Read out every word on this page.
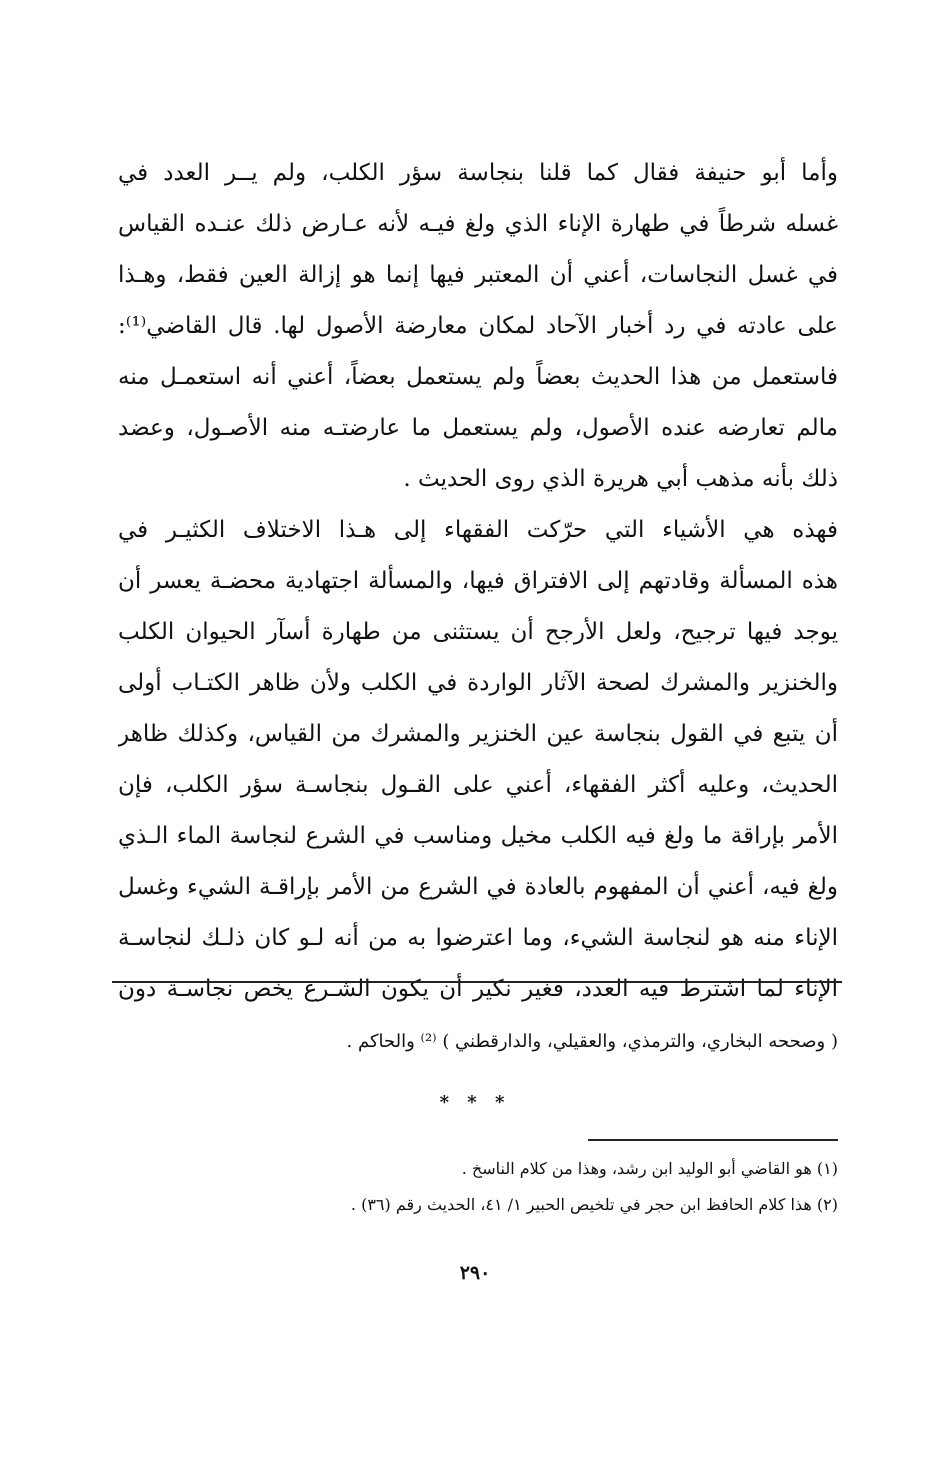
وأما أبو حنيفة فقال كما قلنا بنجاسة سؤر الكلب، ولم يــر العدد في
غسله شرطاً في طهارة الإناء الذي ولغ فيـه لأنه عـارض ذلك عنـده القياس
في غسل النجاسات، أعني أن المعتبر فيها إنما هو إزالة العين فقط، وهـذا
على عادته في رد أخبار الآحاد لمكان معارضة الأصول لها. قال القاضي⁽¹⁾:
فاستعمل من هذا الحديث بعضاً ولم يستعمل بعضاً، أعني أنه استعمـل منه
مالم تعارضه عنده الأصول، ولم يستعمل ما عارضتـه منه الأصـول، وعضد
ذلك بأنه مذهب أبي هريرة الذي روى الحديث .
فهذه هي الأشياء التي حرّكت الفقهاء إلى هـذا الاختلاف الكثيـر في
هذه المسألة وقادتهم إلى الافتراق فيها، والمسألة اجتهادية محضـة يعسر أن
يوجد فيها ترجيح، ولعل الأرجح أن يستثنى من طهارة أسآر الحيوان الكلب
والخنزير والمشرك لصحة الآثار الواردة في الكلب ولأن ظاهر الكتـاب أولى
أن يتبع في القول بنجاسة عين الخنزير والمشرك من القياس، وكذلك ظاهر
الحديث، وعليه أكثر الفقهاء، أعني على القـول بنجاسـة سؤر الكلب، فإن
الأمر بإراقة ما ولغ فيه الكلب مخيل ومناسب في الشرع لنجاسة الماء الـذي
ولغ فيه، أعني أن المفهوم بالعادة في الشرع من الأمر بإراقـة الشيء وغسل
الإناء منه هو لنجاسة الشيء، وما اعترضوا به من أنه لـو كان ذلـك لنجاسـة
الإناء لما اشترط فيه العدد، فغير نكير أن يكون الشـرع يخص نجاسـة دون
( وصححه البخاري، والترمذي، والعقيلي، والدارقطني ) ⁽²⁾ والحاكم .
* * *
(١) هو القاضي أبو الوليد ابن رشد، وهذا من كلام الناسخ .
(٢) هذا كلام الحافظ ابن حجر في تلخيص الحبير ١/ ٤١، الحديث رقم (٣٦) .
٢٩٠
